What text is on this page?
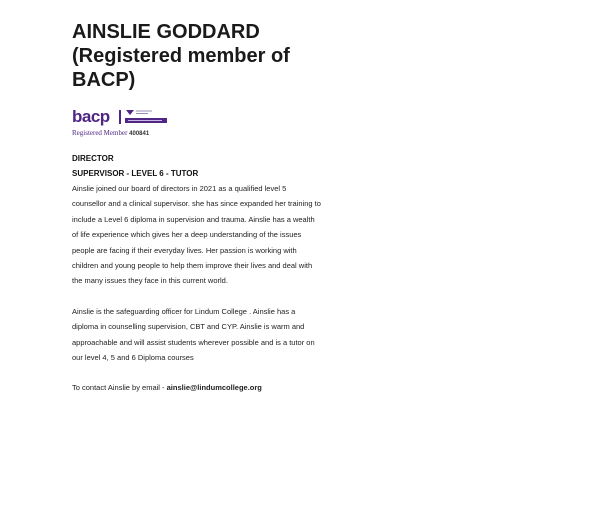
AINSLIE GODDARD
(Registered member of
BACP)
bacp
Registered Member 400841
DIRECTOR
SUPERVISOR - LEVEL 6 - TUTOR

Ainslie joined our board of directors in 2021 as a qualified level 5 counsellor and a clinical supervisor. she has since expanded her training to include a Level 6 diploma in supervision and trauma. Ainslie has a wealth of life experience which gives her a deep understanding of the issues people are facing if their everyday lives. Her passion is working with children and young people to help them improve their lives and deal with the many issues they face in this current world.

Ainslie is the safeguarding officer for Lindum College . Ainslie has a diploma in counselling supervision, CBT and CYP. Ainslie is warm and approachable and will assist students wherever possible and is a tutor on our level 4, 5 and 6 Diploma courses

To contact Ainslie by email - ainslie@lindumcollege.org
